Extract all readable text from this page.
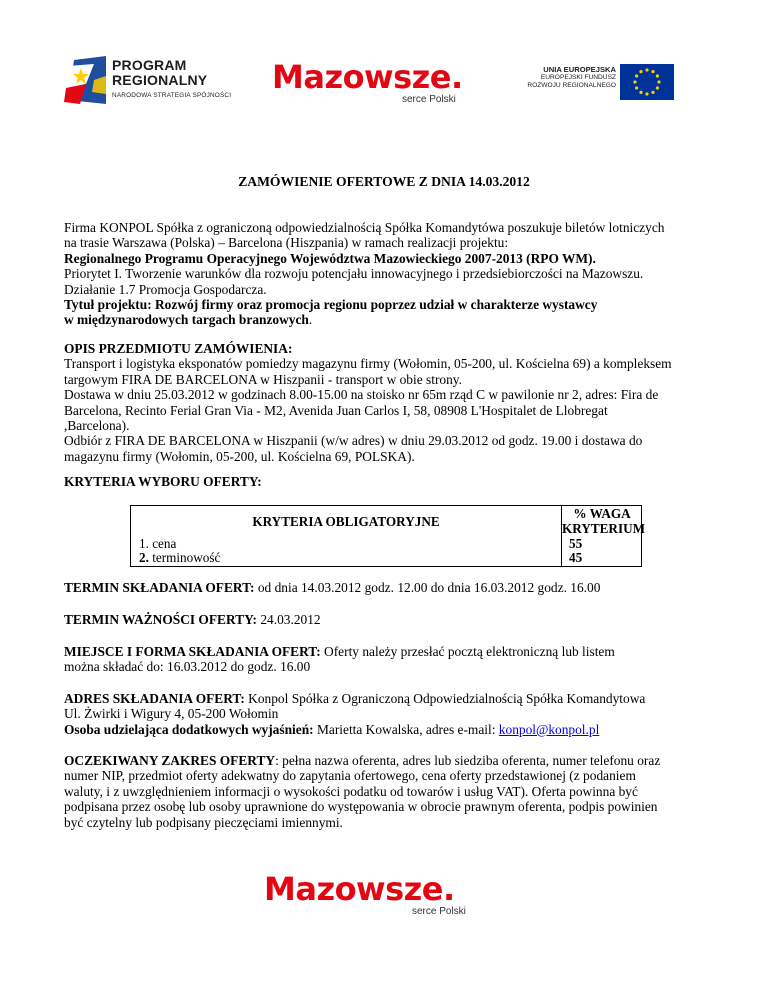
PROGRAM
REGIONALNY
NARODOWA STRATEGIA SPÓJNOŚCI Mazowsze.
serce Polski
UNIA EUROPEJSKA
EUROPEJSKI FUNDUSZ
ROZWOJU REGIONALNEGO
ZAMÓWIENIE OFERTOWE Z DNIA 14.03.2012

Firma KONPOL Spółka z ograniczoną odpowiedzialnością Spółka Komandytówa poszukuje biletów lotniczych

na trasie Warszawa (Polska) – Barcelona (Hiszpania) w ramach realizacji projektu:

Regionalnego Programu Operacyjnego Województwa Mazowieckiego 2007-2013 (RPO WM).

Priorytet I. Tworzenie warunków dla rozwoju potencjału innowacyjnego i przedsiebiorczości na Mazowszu.

Działanie 1.7 Promocja Gospodarcza.

Tytuł projektu: Rozwój firmy oraz promocja regionu poprzez udział w charakterze wystawcy

w międzynarodowych targach branzowych.

OPIS PRZEDMIOTU ZAMÓWIENIA:

Transport i logistyka eksponatów pomiedzy magazynu firmy (Wołomin, 05-200, ul. Kościelna 69) a kompleksem

targowym FIRA DE BARCELONA w Hiszpanii - transport w obie strony.

Dostawa w dniu 25.03.2012 w godzinach 8.00-15.00 na stoisko nr 65m rząd C w pawilonie nr 2, adres: Fira de

Barcelona, Recinto Ferial Gran Via - M2, Avenida Juan Carlos I, 58, 08908 L'Hospitalet de Llobregat

,Barcelona).

Odbiór z FIRA DE BARCELONA w Hiszpanii (w/w adres) w dniu 29.03.2012 od godz. 19.00 i dostawa do

magazynu firmy (Wołomin, 05-200, ul. Kościelna 69, POLSKA).

KRYTERIA WYBORU OFERTY:

KRYTERIA OBLIGATORYJNE
% WAGA
KRYTERIUM
1. cena	55
2. terminowość	45

TERMIN SKŁADANIA OFERT: od dnia 14.03.2012 godz. 12.00 do dnia 16.03.2012 godz. 16.00

TERMIN WAŻNOŚCI OFERTY: 24.03.2012

MIEJSCE I FORMA SKŁADANIA OFERT: Oferty należy przesłać pocztą elektroniczną lub listem

można składać do: 16.03.2012 do godz. 16.00

ADRES SKŁADANIA OFERT: Konpol Spółka z Ograniczoną Odpowiedzialnością Spółka Komandytowa

Ul. Żwirki i Wigury 4, 05-200 Wołomin

Osoba udzielająca dodatkowych wyjaśnień: Marietta Kowalska, adres e-mail: konpol@konpol.pl

OCZEKIWANY ZAKRES OFERTY: pełna nazwa oferenta, adres lub siedziba oferenta, numer telefonu oraz

numer NIP, przedmiot oferty adekwatny do zapytania ofertowego, cena oferty przedstawionej (z podaniem

waluty, i z uwzględnieniem informacji o wysokości podatku od towarów i usług VAT). Oferta powinna być

podpisana przez osobę lub osoby uprawnione do występowania w obrocie prawnym oferenta, podpis powinien

być czytelny lub podpisany pieczęciami imiennymi.

Mazowsze.
serce Polski
